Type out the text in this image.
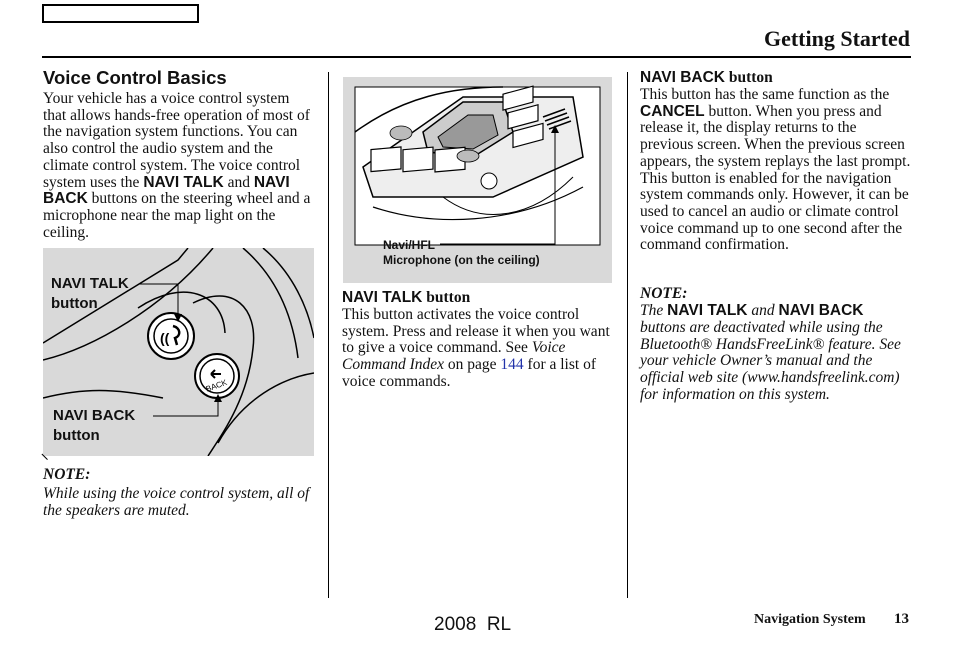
Getting Started
Voice Control Basics
Your vehicle has a voice control system that allows hands-free operation of most of the navigation system functions. You can also control the audio system and the climate control system. The voice control system uses the NAVI TALK and NAVI BACK buttons on the steering wheel and a microphone near the map light on the ceiling.
((
BACK
NAVI TALK
button
NAVI BACK
button
NOTE:
While using the voice control system, all of the speakers are muted.
Navi/HFL
Microphone (on the ceiling)
NAVI TALK button
This button activates the voice control system. Press and release it when you want to give a voice command. See Voice Command Index on page 144 for a list of voice commands.
NAVI BACK button
This button has the same function as the CANCEL button. When you press and release it, the display returns to the previous screen. When the previous screen appears, the system replays the last prompt. This button is enabled for the navigation system commands only. However, it can be used to cancel an audio or climate control voice command up to one second after the command confirmation.
NOTE:
The NAVI TALK and NAVI BACK buttons are deactivated while using the Bluetooth® HandsFreeLink® feature. See your vehicle Owner’s manual and the official web site (www.handsfreelink.com) for information on this system.
2008  RL	Navigation System 13
